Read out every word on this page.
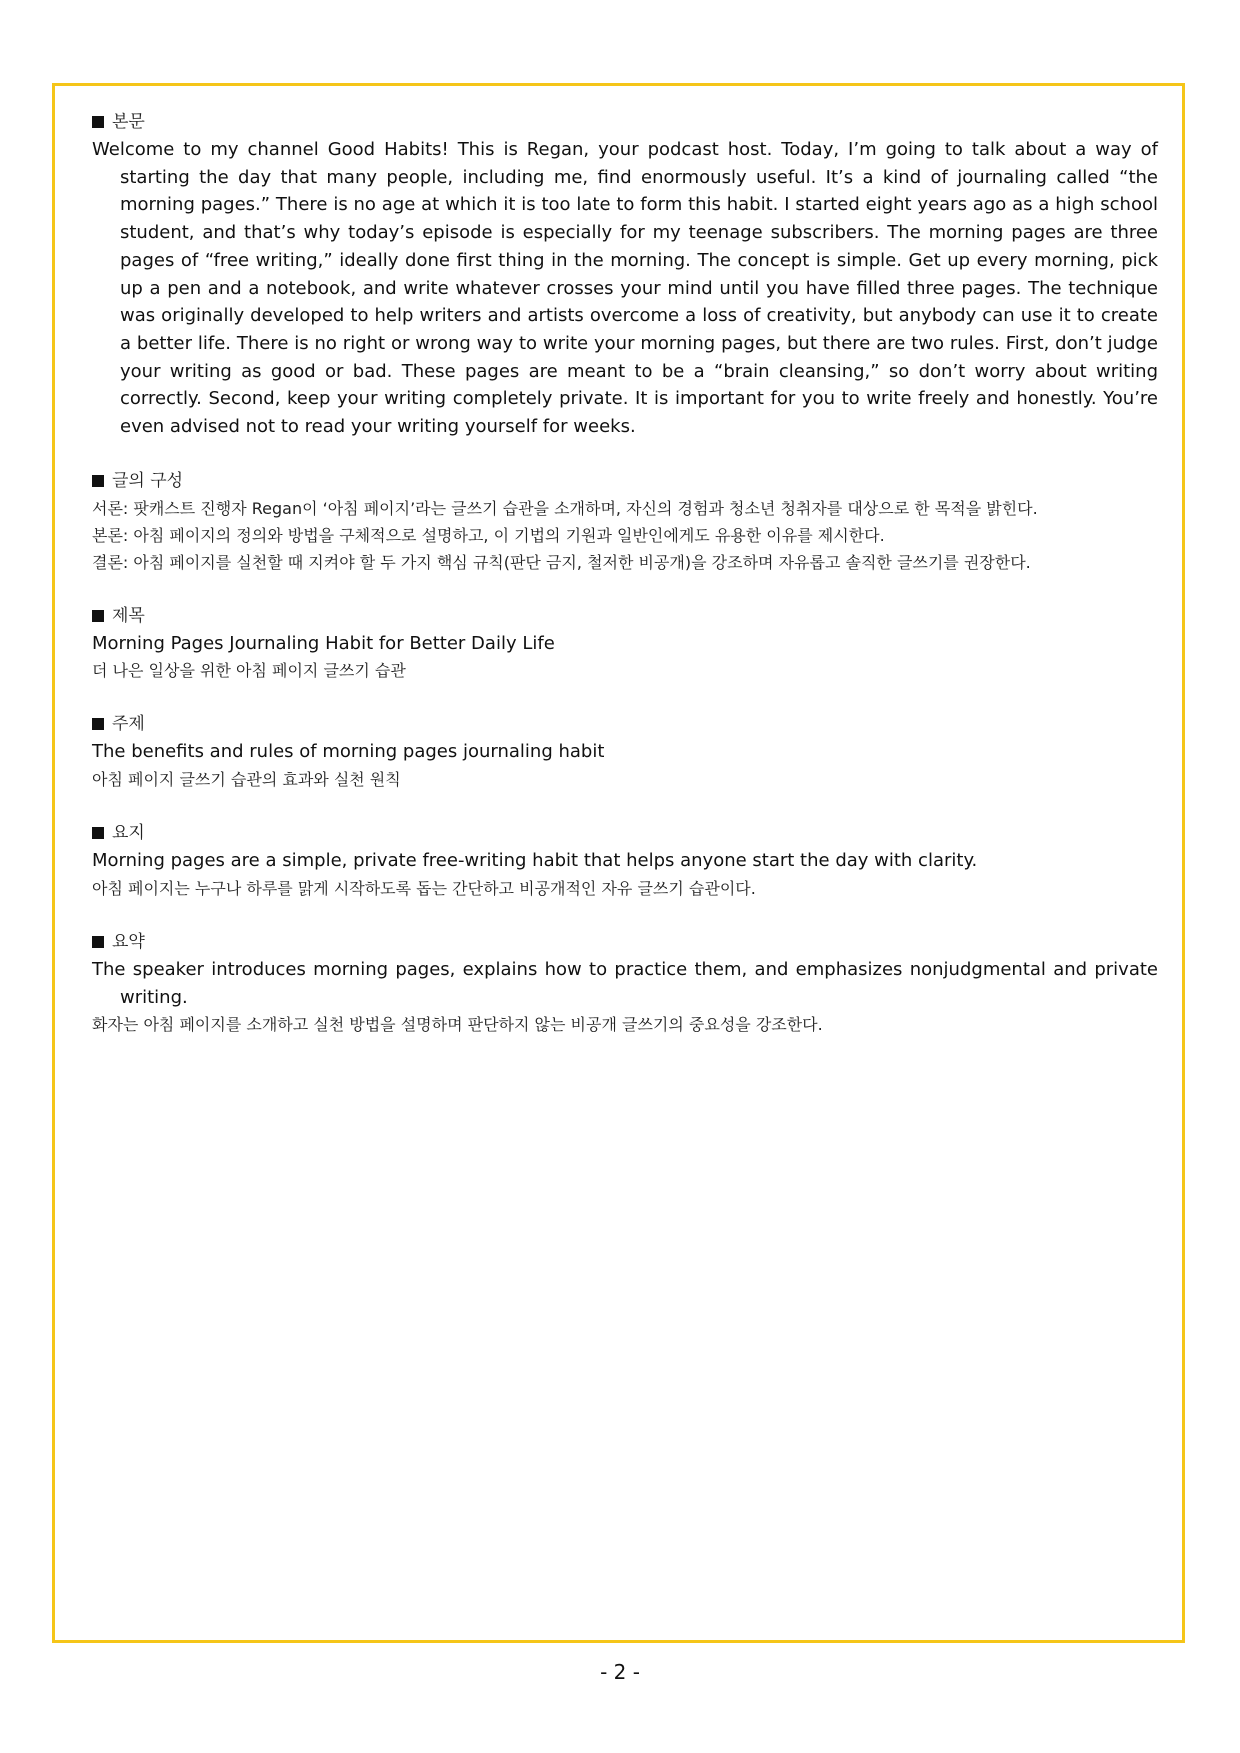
본문
Welcome to my channel Good Habits! This is Regan, your podcast host. Today, I’m going to talk about a way of starting the day that many people, including me, find enormously useful. It’s a kind of journaling called “the morning pages.” There is no age at which it is too late to form this habit. I started eight years ago as a high school student, and that’s why today’s episode is especially for my teenage subscribers. The morning pages are three pages of “free writing,” ideally done first thing in the morning. The concept is simple. Get up every morning, pick up a pen and a notebook, and write whatever crosses your mind until you have filled three pages. The technique was originally developed to help writers and artists overcome a loss of creativity, but anybody can use it to create a better life. There is no right or wrong way to write your morning pages, but there are two rules. First, don’t judge your writing as good or bad. These pages are meant to be a “brain cleansing,” so don’t worry about writing correctly. Second, keep your writing completely private. It is important for you to write freely and honestly. You’re even advised not to read your writing yourself for weeks.
글의 구성
서론: 팟캐스트 진행자 Regan이 ‘아침 페이지’라는 글쓰기 습관을 소개하며, 자신의 경험과 청소년 청취자를 대상으로 한 목적을 밝힌다.
본론: 아침 페이지의 정의와 방법을 구체적으로 설명하고, 이 기법의 기원과 일반인에게도 유용한 이유를 제시한다.
결론: 아침 페이지를 실천할 때 지켜야 할 두 가지 핵심 규칙(판단 금지, 철저한 비공개)을 강조하며 자유롭고 솔직한 글쓰기를 권장한다.
제목
Morning Pages Journaling Habit for Better Daily Life
더 나은 일상을 위한 아침 페이지 글쓰기 습관
주제
The benefits and rules of morning pages journaling habit
아침 페이지 글쓰기 습관의 효과와 실천 원칙
요지
Morning pages are a simple, private free-writing habit that helps anyone start the day with clarity.
아침 페이지는 누구나 하루를 맑게 시작하도록 돕는 간단하고 비공개적인 자유 글쓰기 습관이다.
요약
The speaker introduces morning pages, explains how to practice them, and emphasizes nonjudgmental and private writing.
화자는 아침 페이지를 소개하고 실천 방법을 설명하며 판단하지 않는 비공개 글쓰기의 중요성을 강조한다.
- 2 -
